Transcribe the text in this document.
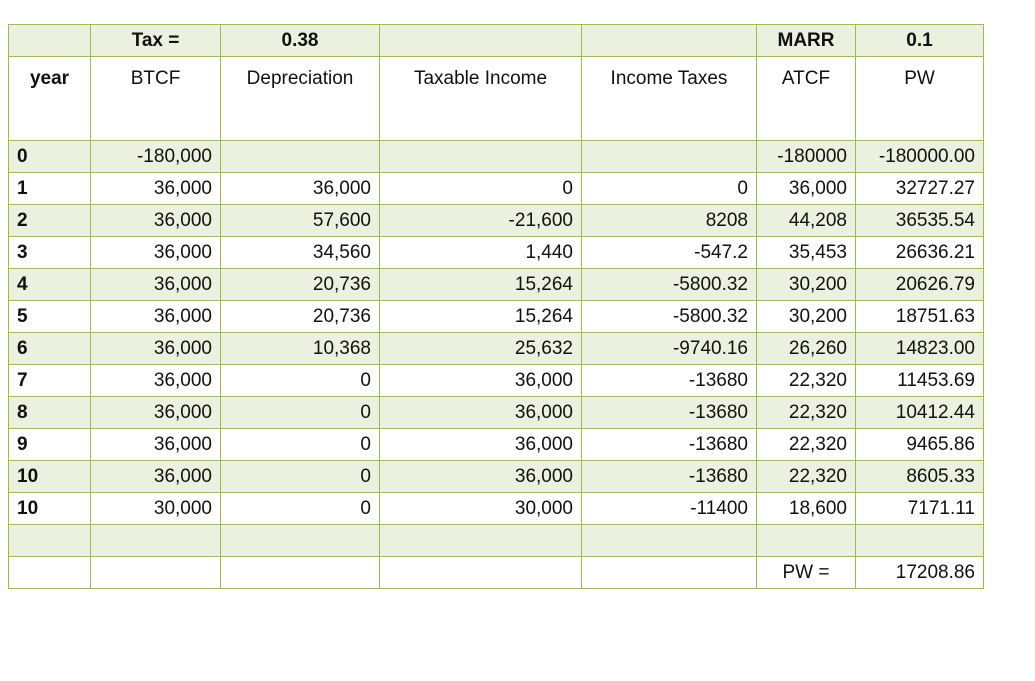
	Tax =	0.38			MARR	0.1
year	BTCF	Depreciation	Taxable Income	Income Taxes	ATCF	PW
0	-180,000				-180000	-180000.00
1	36,000	36,000	0	0	36,000	32727.27
2	36,000	57,600	-21,600	8208	44,208	36535.54
3	36,000	34,560	1,440	-547.2	35,453	26636.21
4	36,000	20,736	15,264	-5800.32	30,200	20626.79
5	36,000	20,736	15,264	-5800.32	30,200	18751.63
6	36,000	10,368	25,632	-9740.16	26,260	14823.00
7	36,000	0	36,000	-13680	22,320	11453.69
8	36,000	0	36,000	-13680	22,320	10412.44
9	36,000	0	36,000	-13680	22,320	9465.86
10	36,000	0	36,000	-13680	22,320	8605.33
10	30,000	0	30,000	-11400	18,600	7171.11

					PW =	17208.86
